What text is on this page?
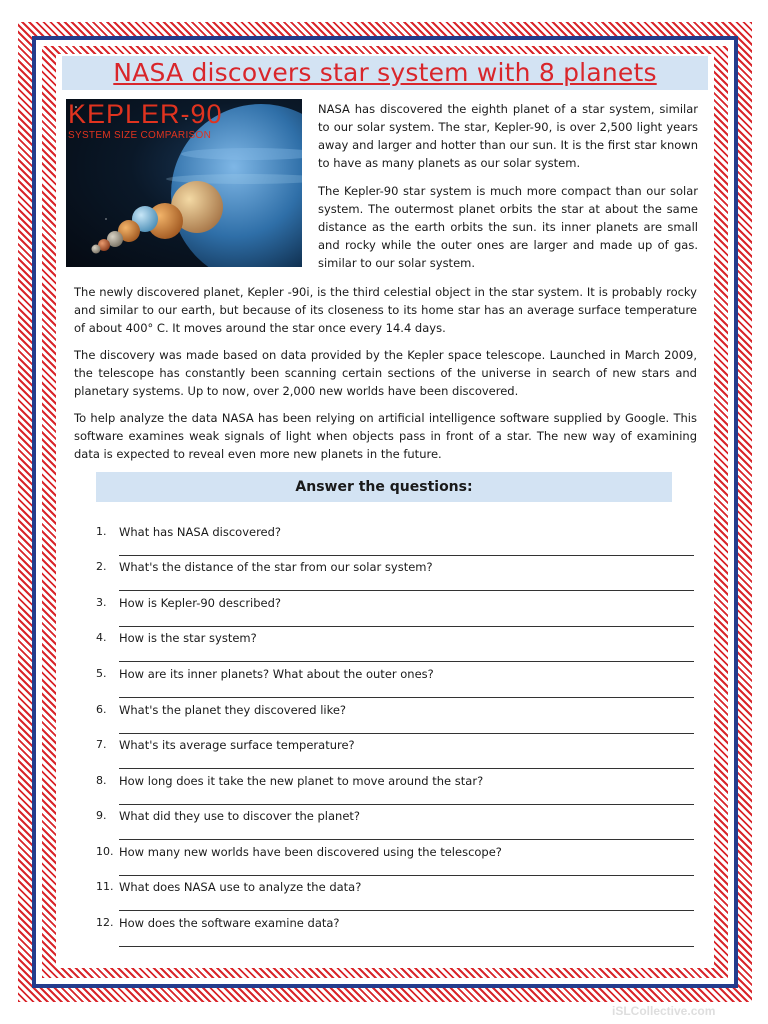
NASA discovers star system with 8 planets
KEPLER-90
SYSTEM SIZE COMPARISON

NASA has discovered the eighth planet of a star system, similar to our solar system. The star, Kepler-90, is over 2,500 light years away and larger and hotter than our sun. It is the first star known to have as many planets as our solar system.

The Kepler-90 star system is much more compact than our solar system. The outermost planet orbits the star at about the same distance as the earth orbits the sun. its inner planets are small and rocky while the outer ones are larger and made up of gas. similar to our solar system.

The newly discovered planet, Kepler -90i, is the third celestial object in the star system. It is probably rocky and similar to our earth, but because of its closeness to its home star has an average surface temperature of about 400° C. It moves around the star once every 14.4 days.

The discovery was made based on data provided by the Kepler space telescope. Launched in March 2009, the telescope has constantly been scanning certain sections of the universe in search of new stars and planetary systems. Up to now, over 2,000 new worlds have been discovered.

To help analyze the data NASA has been relying on artificial intelligence software supplied by Google. This software examines weak signals of light when objects pass in front of a star. The new way of examining data is expected to reveal even more new planets in the future.

Answer the questions:
1.	What has NASA discovered?
2.	What's the distance of the star from our solar system?
3.	How is Kepler-90 described?
4.	How is the star system?
5.	How are its inner planets? What about the outer ones?
6.	What's the planet they discovered like?
7.	What's its average surface temperature?
8.	How long does it take the new planet to move around the star?
9.	What did they use to discover the planet?
10. How many new worlds have been discovered using the telescope?
11. What does NASA use to analyze the data?
12. How does the software examine data?
iSLCollective.com
